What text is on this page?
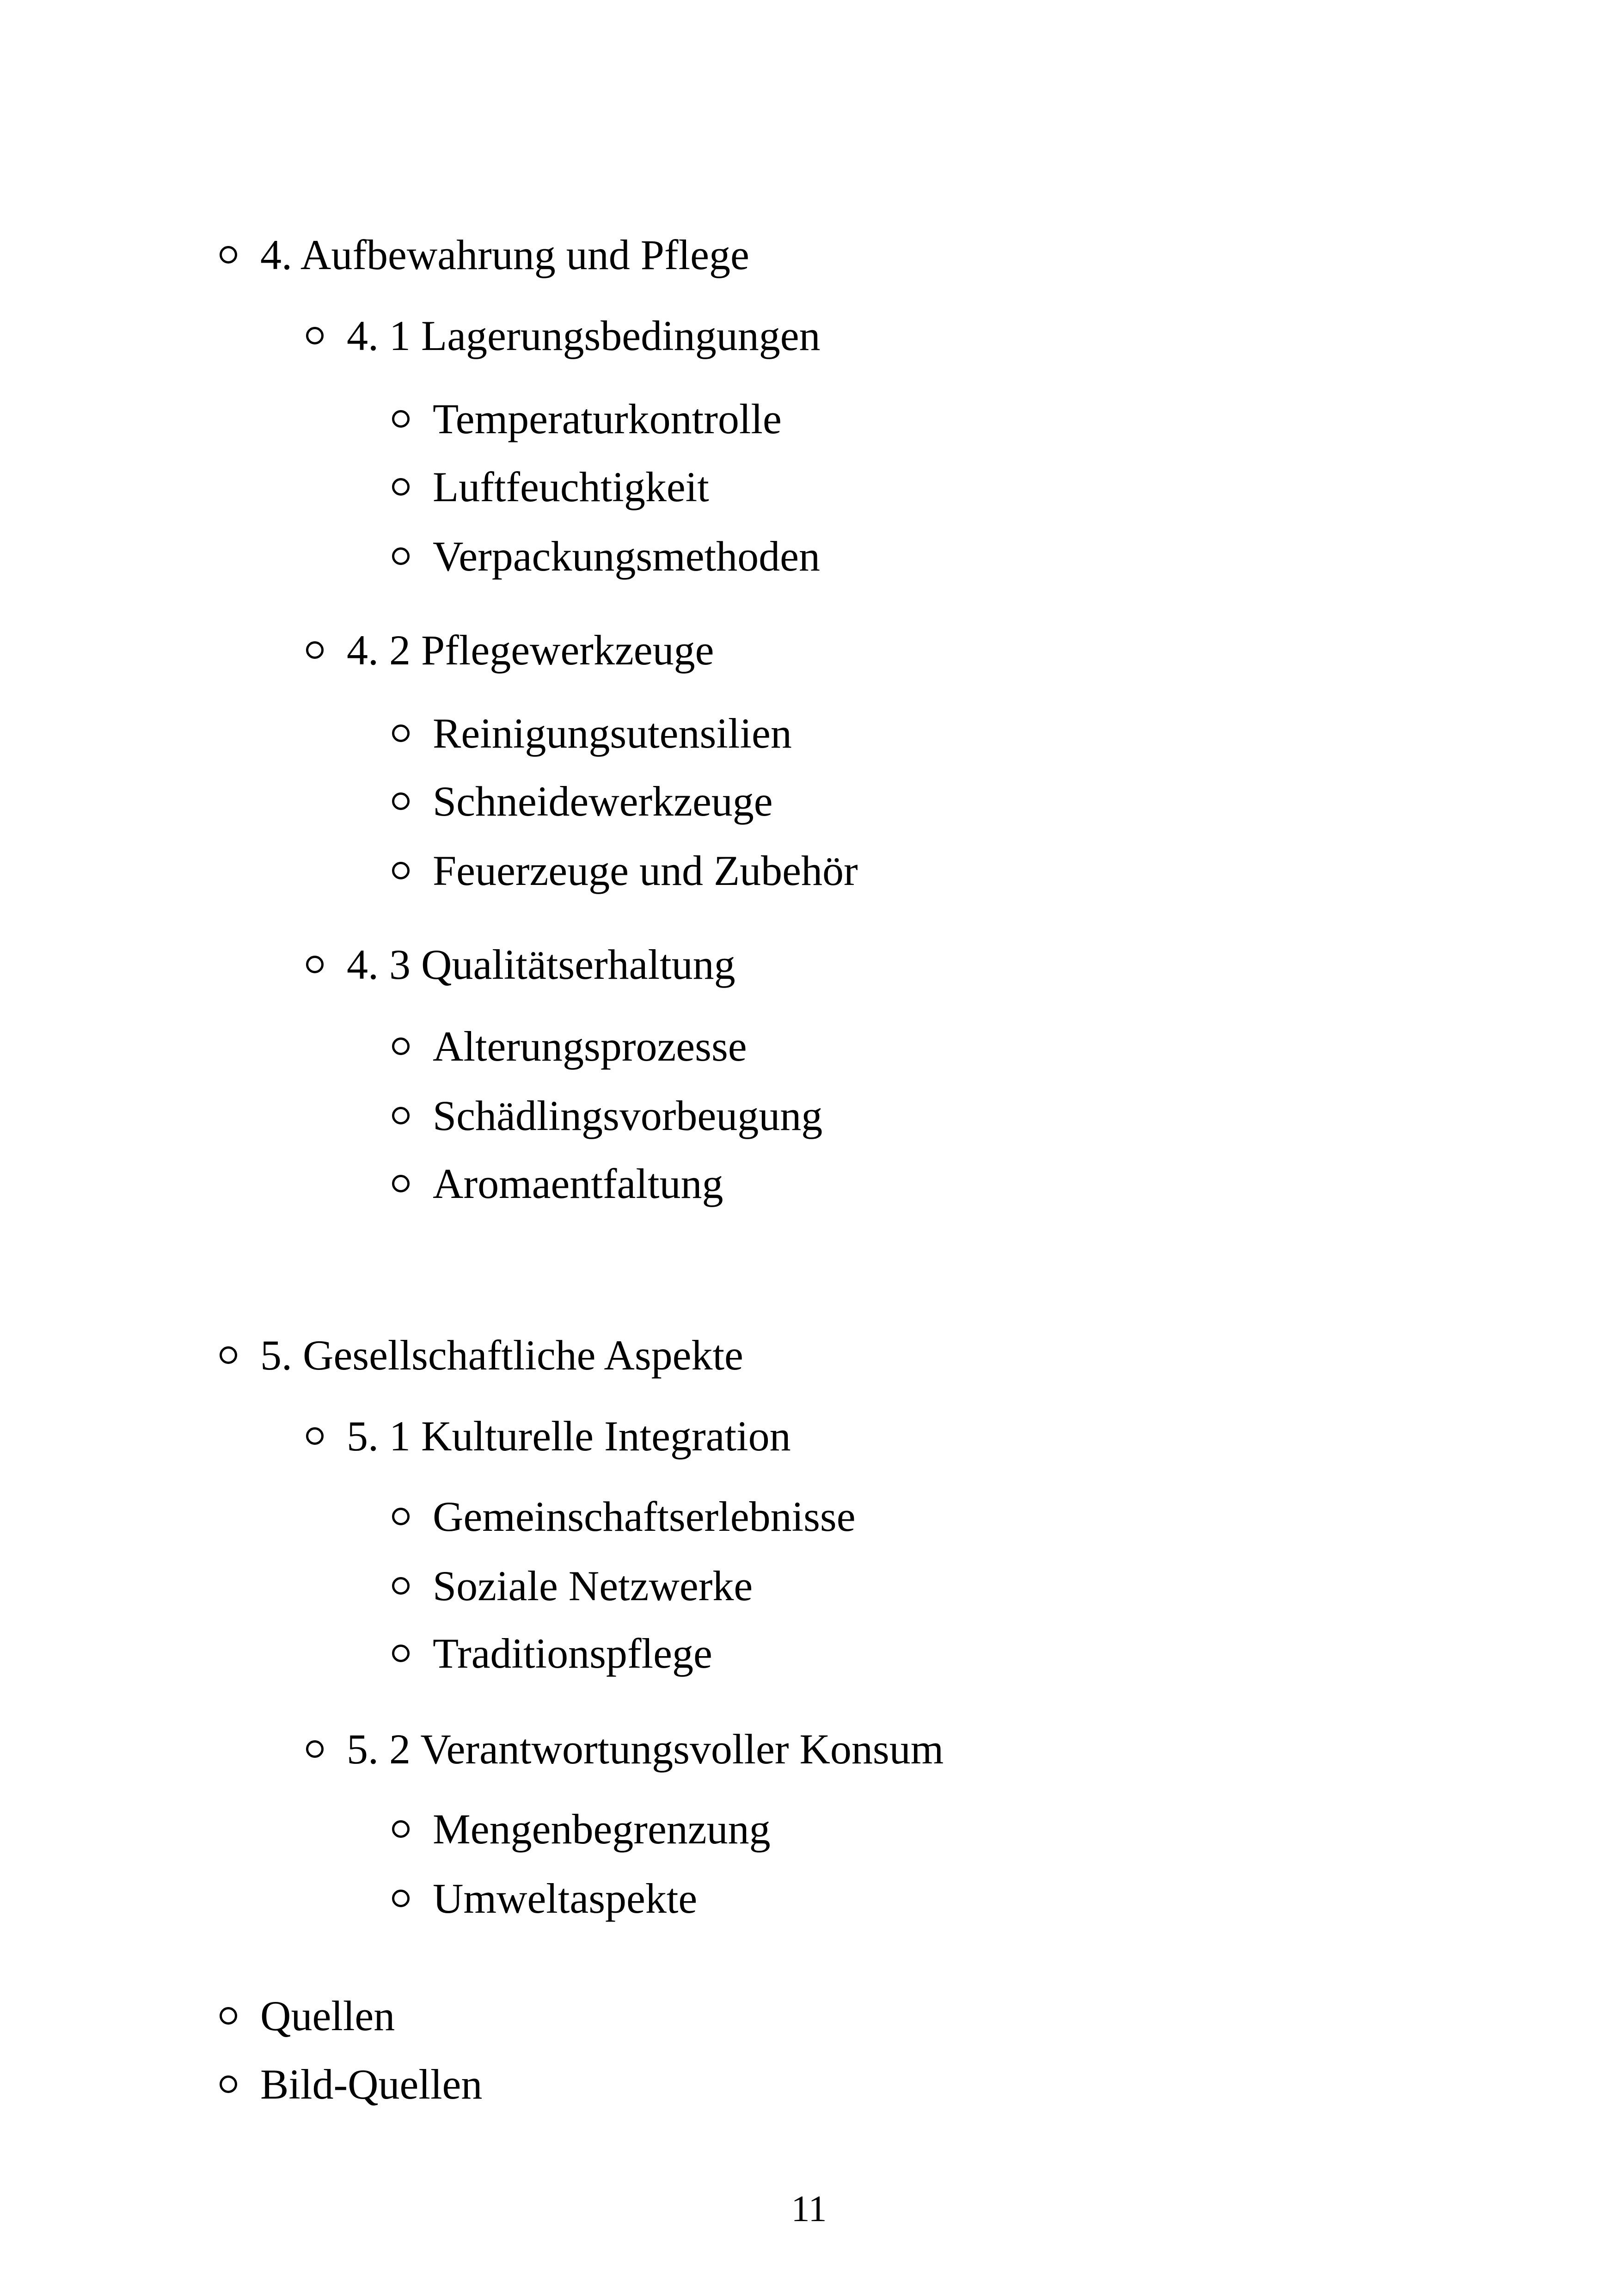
4. Aufbewahrung und Pflege
4. 1 Lagerungsbedingungen
Temperaturkontrolle
Luftfeuchtigkeit
Verpackungsmethoden
4. 2 Pflegewerkzeuge
Reinigungsutensilien
Schneidewerkzeuge
Feuerzeuge und Zubehör
4. 3 Qualitätserhaltung
Alterungsprozesse
Schädlingsvorbeugung
Aromaentfaltung
5. Gesellschaftliche Aspekte
5. 1 Kulturelle Integration
Gemeinschaftserlebnisse
Soziale Netzwerke
Traditionspflege
5. 2 Verantwortungsvoller Konsum
Mengenbegrenzung
Umweltaspekte
Quellen
Bild-Quellen
11
